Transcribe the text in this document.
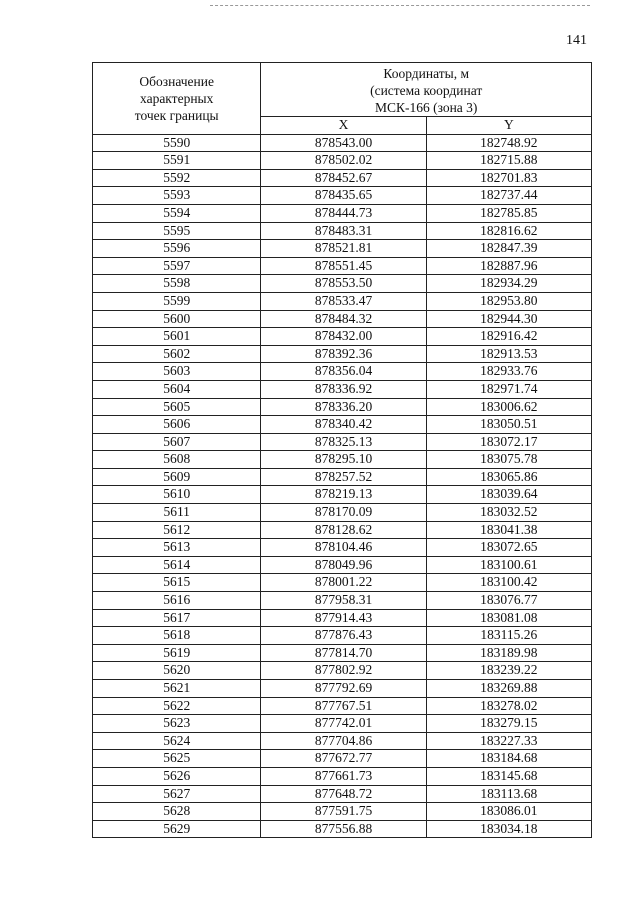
141
Обозначение
характерных
точек границы	Координаты, м
(система координат
МСК-166 (зона 3)	

	X	Y
5590	878543.00	182748.92
5591	878502.02	182715.88
5592	878452.67	182701.83
5593	878435.65	182737.44
5594	878444.73	182785.85
5595	878483.31	182816.62
5596	878521.81	182847.39
5597	878551.45	182887.96
5598	878553.50	182934.29
5599	878533.47	182953.80
5600	878484.32	182944.30
5601	878432.00	182916.42
5602	878392.36	182913.53
5603	878356.04	182933.76
5604	878336.92	182971.74
5605	878336.20	183006.62
5606	878340.42	183050.51
5607	878325.13	183072.17
5608	878295.10	183075.78
5609	878257.52	183065.86
5610	878219.13	183039.64
5611	878170.09	183032.52
5612	878128.62	183041.38
5613	878104.46	183072.65
5614	878049.96	183100.61
5615	878001.22	183100.42
5616	877958.31	183076.77
5617	877914.43	183081.08
5618	877876.43	183115.26
5619	877814.70	183189.98
5620	877802.92	183239.22
5621	877792.69	183269.88
5622	877767.51	183278.02
5623	877742.01	183279.15
5624	877704.86	183227.33
5625	877672.77	183184.68
5626	877661.73	183145.68
5627	877648.72	183113.68
5628	877591.75	183086.01
5629	877556.88	183034.18
